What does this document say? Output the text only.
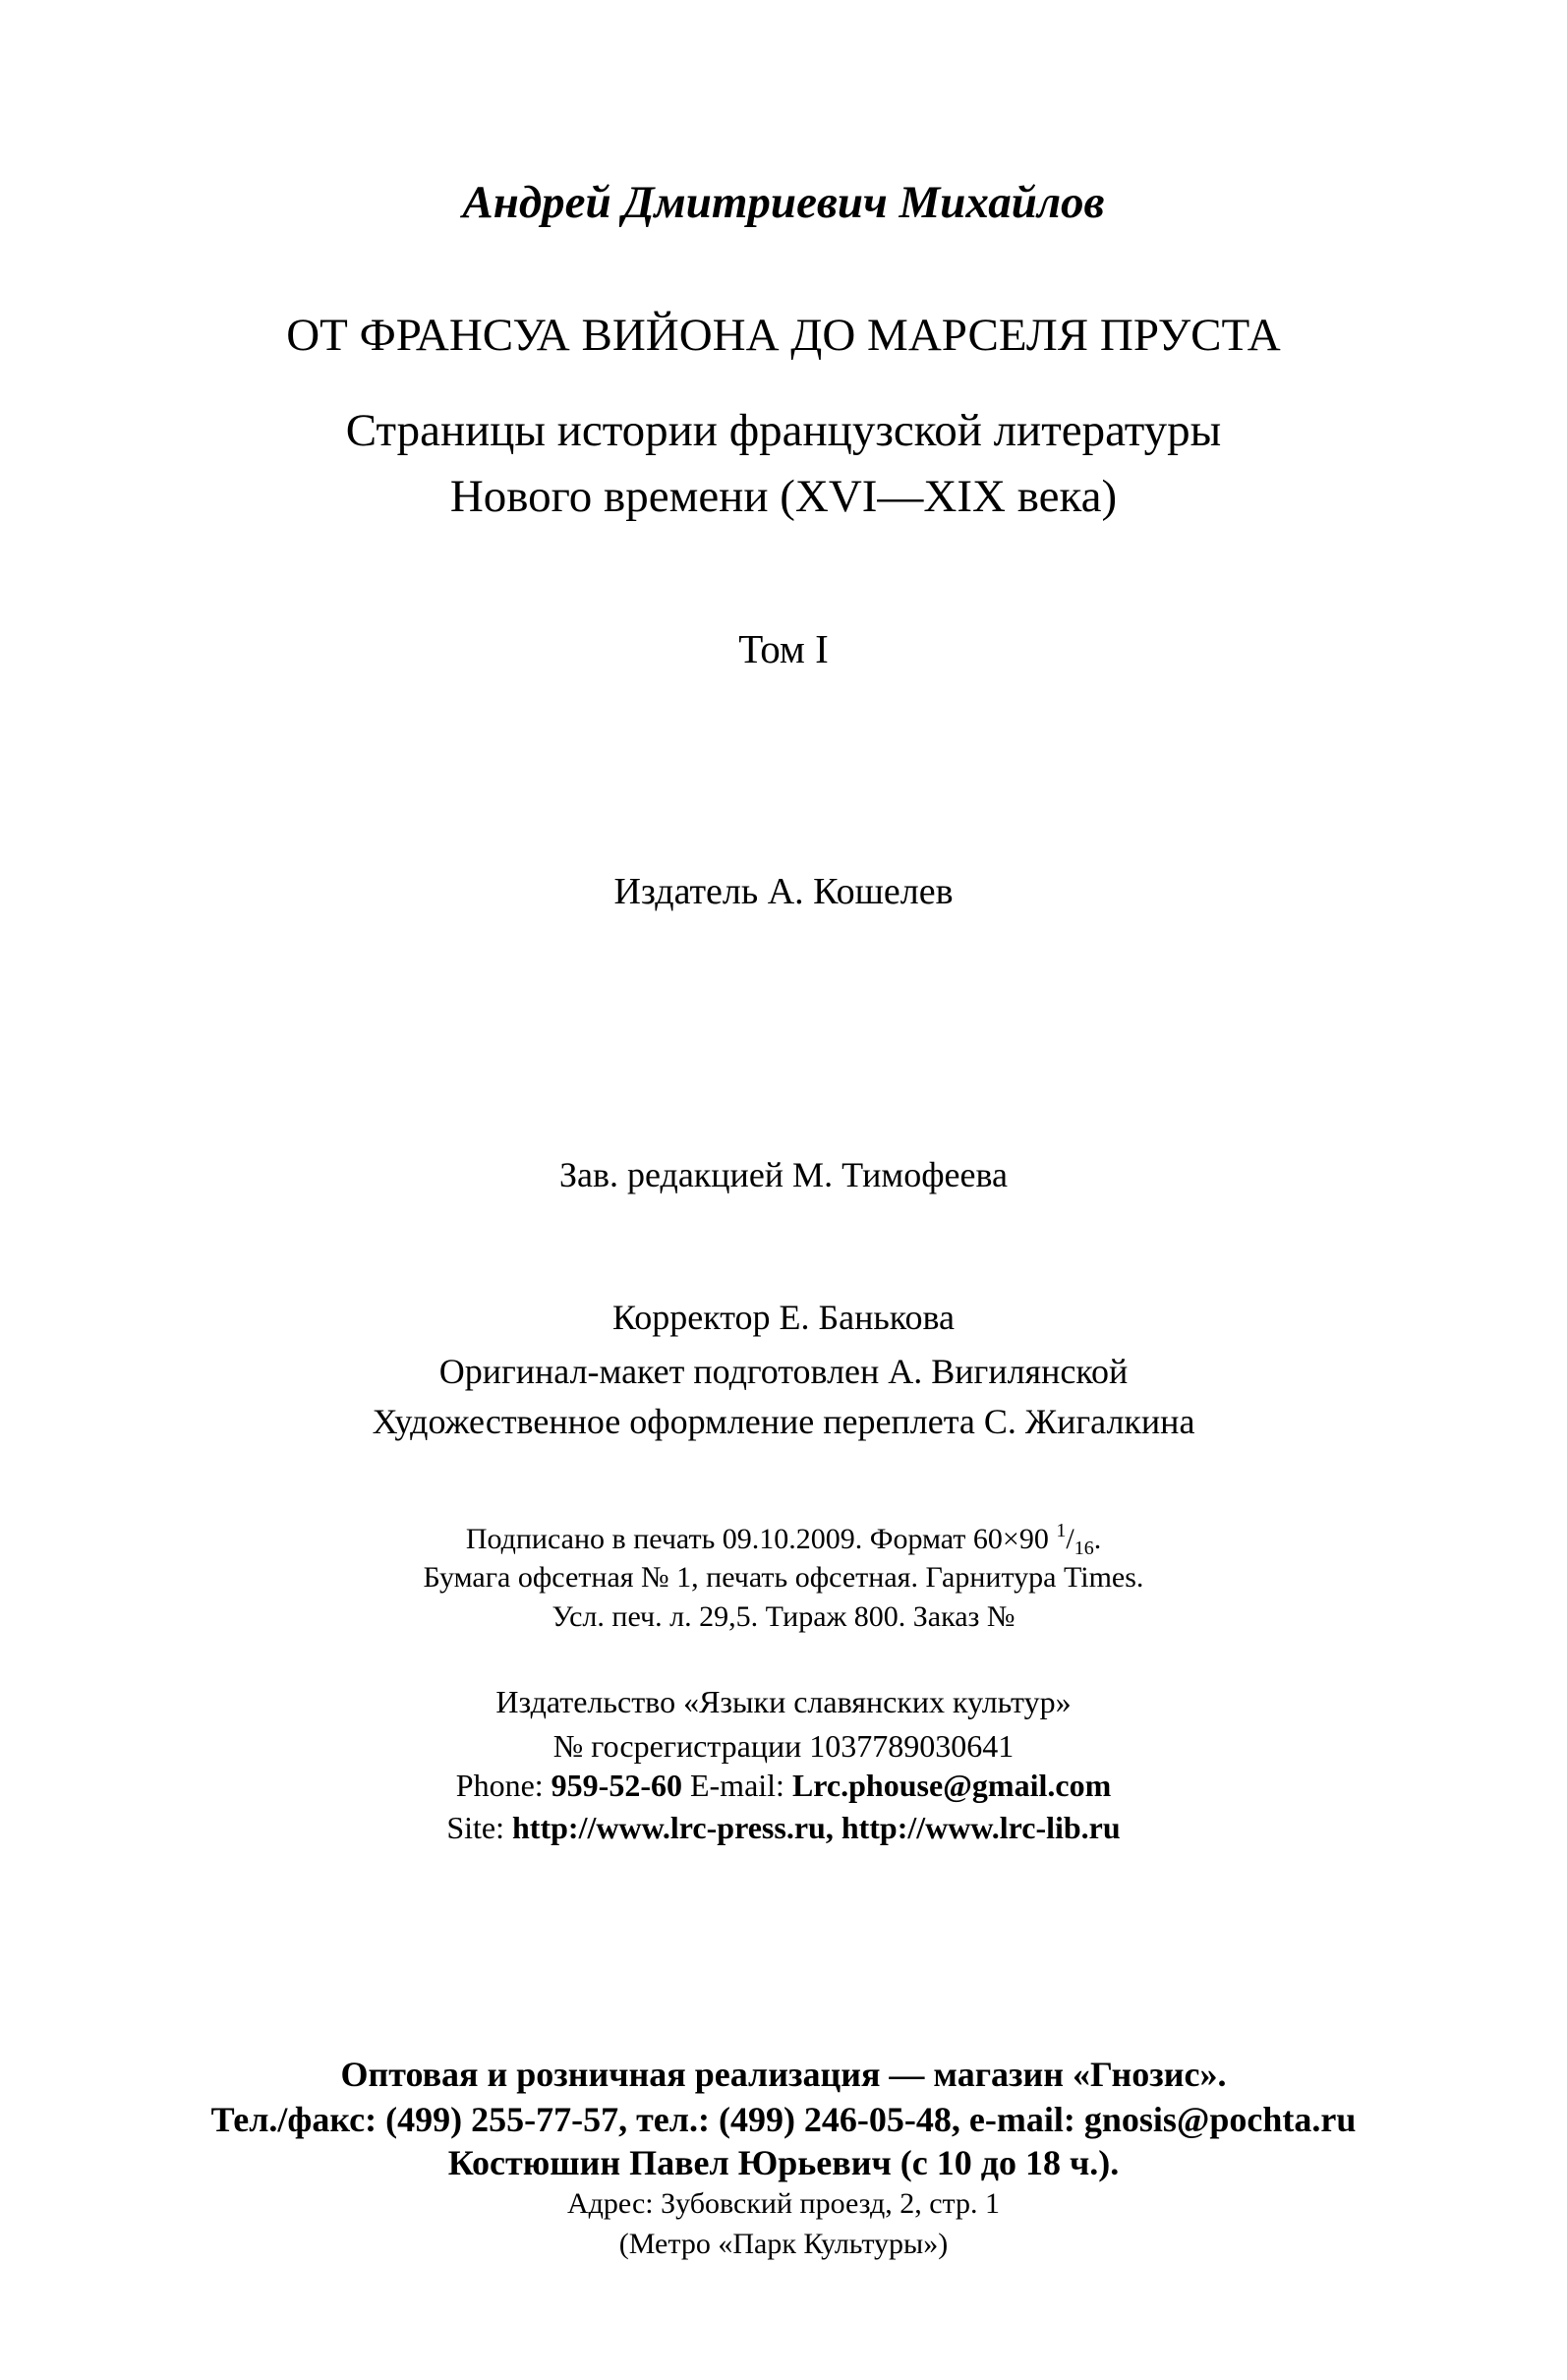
Андрей Дмитриевич Михайлов

ОТ ФРАНСУА ВИЙОНА ДО МАРСЕЛЯ ПРУСТА

Страницы истории французской литературы

Нового времени (XVI—XIX века)

Том I

Издатель А. Кошелев

Зав. редакцией М. Тимофеева

Корректор Е. Банькова

Оригинал-макет подготовлен А. Вигилянской

Художественное оформление переплета С. Жигалкина

Подписано в печать 09.10.2009. Формат 60×90 $^1/_{16}$.

Бумага офсетная № 1, печать офсетная. Гарнитура Times.

Усл. печ. л. 29,5. Тираж 800. Заказ №

Издательство «Языки славянских культур»

№ госрегистрации 1037789030641

Phone: 959-52-60 E-mail: Lrc.phouse@gmail.com

Site: http://www.lrc-press.ru, http://www.lrc-lib.ru

Оптовая и розничная реализация — магазин «Гнозис».

Тел./факс: (499) 255-77-57, тел.: (499) 246-05-48, e-mail: gnosis@pochta.ru

Костюшин Павел Юрьевич (с 10 до 18 ч.).

Адрес: Зубовский проезд, 2, стр. 1

(Метро «Парк Культуры»)
